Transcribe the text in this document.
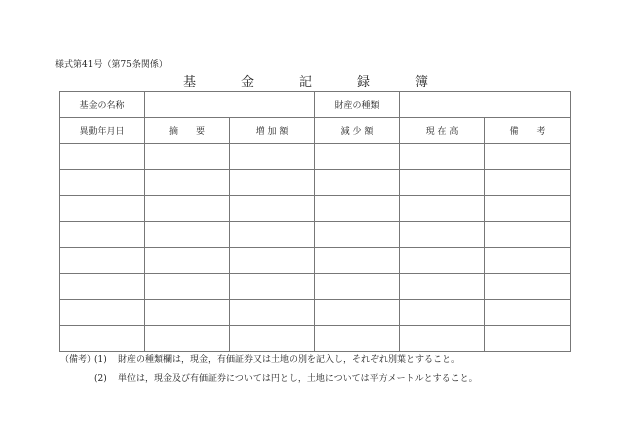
様式第41号（第75条関係）
基	金	記	録	簿
基金の名称			財産の種類		
異動年月日	摘　　要	増 加 額	減 少 額	現 在 高	備　　考

（備考）(1) 財産の種類欄は，現金，有価証券又は土地の別を記入し，それぞれ別葉とすること。
(2) 単位は，現金及び有価証券については円とし，土地については平方メートルとすること。
